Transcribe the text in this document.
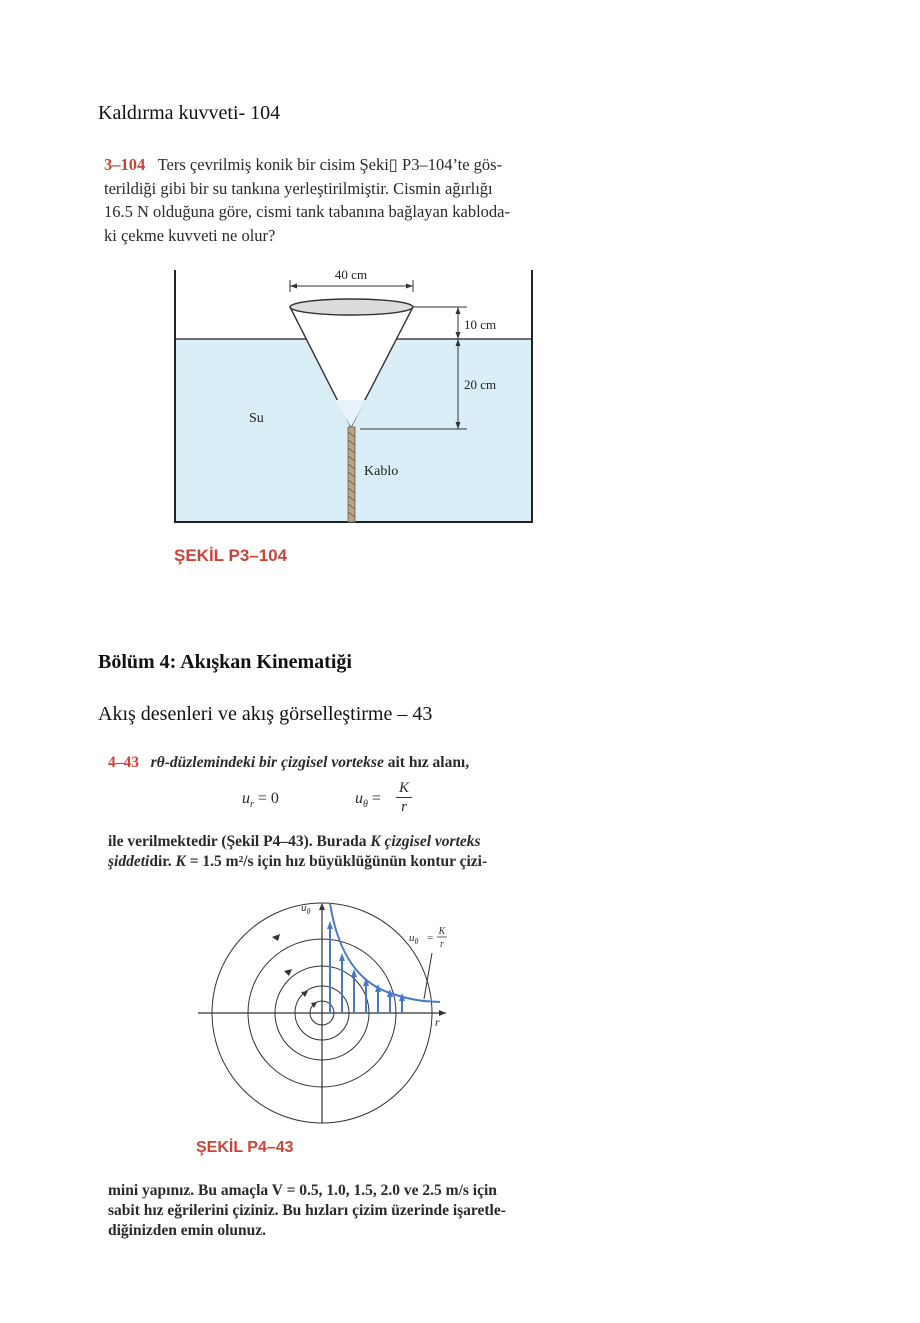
Kaldırma kuvveti- 104
3–104 Ters çevrilmiş konik bir cisim Şeki▯ P3–104’te gös-
terildiği gibi bir su tankına yerleştirilmiştir. Cismin ağırlığı
16.5 N olduğuna göre, cismi tank tabanına bağlayan kabloda-
ki çekme kuvveti ne olur?
40 cm
10 cm
20 cm
Su
Kablo
ŞEKİL P3–104
Bölüm 4: Akışkan Kinematiği
Akış desenleri ve akış görselleştirme – 43
4–43 rθ-düzlemindeki bir çizgisel vortekse ait hız alanı,
$u_r = 0$	$u_\theta = \frac{K}{r}$
ile verilmektedir (Şekil P4–43). Burada K çizgisel vorteks
şiddetidir. K = 1.5 m²/s için hız büyüklüğünün kontur çizi-
$u_\theta$
r
$u_\theta$ =
K
r
ŞEKİL P4–43
mini yapınız. Bu amaçla V = 0.5, 1.0, 1.5, 2.0 ve 2.5 m/s için
sabit hız eğrilerini çiziniz. Bu hızları çizim üzerinde işaretle-
diğinizden emin olunuz.
